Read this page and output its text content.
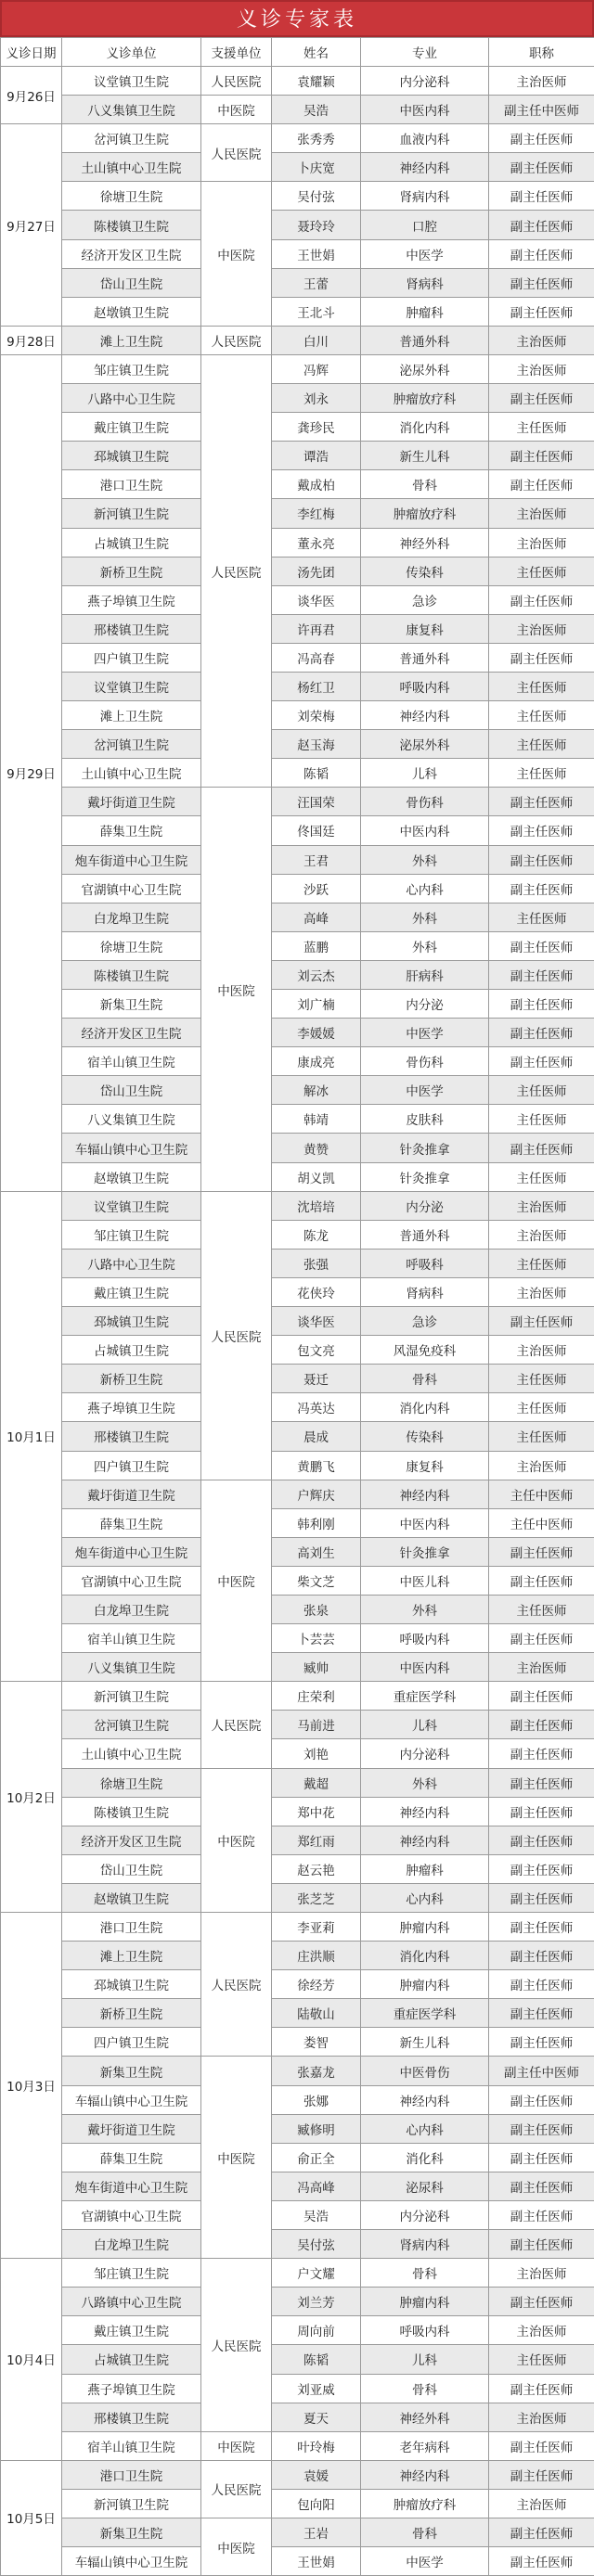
义诊专家表
义诊日期	义诊单位	支援单位	姓名	专业	职称
9月26日	议堂镇卫生院	人民医院	袁耀颖	内分泌科	主治医师
	八义集镇卫生院	中医院	吴浩	中医内科	副主任中医师
9月27日	岔河镇卫生院	人民医院	张秀秀	血液内科	副主任医师
	土山镇中心卫生院		卜庆宽	神经内科	副主任医师
	徐塘卫生院	中医院	吴付弦	肾病内科	副主任医师
	陈楼镇卫生院		聂玲玲	口腔	副主任医师
	经济开发区卫生院		王世娟	中医学	副主任医师
	岱山卫生院		王蕾	肾病科	副主任医师
	赵墩镇卫生院		王北斗	肿瘤科	副主任医师
9月28日	滩上卫生院	人民医院	白川	普通外科	主治医师
9月29日	邹庄镇卫生院	人民医院	冯辉	泌尿外科	主治医师
	八路中心卫生院		刘永	肿瘤放疗科	副主任医师
	戴庄镇卫生院		龚珍民	消化内科	主任医师
	邳城镇卫生院		谭浩	新生儿科	副主任医师
	港口卫生院		戴成柏	骨科	副主任医师
	新河镇卫生院		李红梅	肿瘤放疗科	主治医师
	占城镇卫生院		董永亮	神经外科	主治医师
	新桥卫生院		汤先团	传染科	主任医师
	燕子埠镇卫生院		谈华医	急诊	副主任医师
	邢楼镇卫生院		许再君	康复科	主治医师
	四户镇卫生院		冯高春	普通外科	副主任医师
	议堂镇卫生院		杨红卫	呼吸内科	主任医师
	滩上卫生院		刘荣梅	神经内科	主任医师
	岔河镇卫生院		赵玉海	泌尿外科	主任医师
	土山镇中心卫生院		陈韬	儿科	主任医师
	戴圩街道卫生院	中医院	汪国荣	骨伤科	副主任医师
	薛集卫生院		佟国廷	中医内科	副主任医师
	炮车街道中心卫生院		王君	外科	副主任医师
	官湖镇中心卫生院		沙跃	心内科	副主任医师
	白龙埠卫生院		高峰	外科	主任医师
	徐塘卫生院		蓝鹏	外科	副主任医师
	陈楼镇卫生院		刘云杰	肝病科	副主任医师
	新集卫生院		刘广楠	内分泌	副主任医师
	经济开发区卫生院		李媛媛	中医学	副主任医师
	宿羊山镇卫生院		康成亮	骨伤科	副主任医师
	岱山卫生院		解冰	中医学	主任医师
	八义集镇卫生院		韩靖	皮肤科	主任医师
	车辐山镇中心卫生院		黄赞	针灸推拿	副主任医师
	赵墩镇卫生院		胡义凯	针灸推拿	主任医师
10月1日	议堂镇卫生院	人民医院	沈培培	内分泌	主治医师
	邹庄镇卫生院		陈龙	普通外科	主治医师
	八路中心卫生院		张强	呼吸科	主任医师
	戴庄镇卫生院		花侠玲	肾病科	主治医师
	邳城镇卫生院		谈华医	急诊	副主任医师
	占城镇卫生院		包文亮	风湿免疫科	主治医师
	新桥卫生院		聂迁	骨科	主任医师
	燕子埠镇卫生院		冯英达	消化内科	主任医师
	邢楼镇卫生院		晨成	传染科	主任医师
	四户镇卫生院		黄鹏飞	康复科	主治医师
	戴圩街道卫生院	中医院	户辉庆	神经内科	主任中医师
	薛集卫生院		韩利刚	中医内科	主任中医师
	炮车街道中心卫生院		高刘生	针灸推拿	副主任医师
	官湖镇中心卫生院		柴文芝	中医儿科	副主任医师
	白龙埠卫生院		张泉	外科	主任医师
	宿羊山镇卫生院		卜芸芸	呼吸内科	副主任医师
	八义集镇卫生院		臧帅	中医内科	主治医师
10月2日	新河镇卫生院	人民医院	庄荣利	重症医学科	副主任医师
	岔河镇卫生院		马前进	儿科	副主任医师
	土山镇中心卫生院		刘艳	内分泌科	副主任医师
	徐塘卫生院	中医院	戴超	外科	副主任医师
	陈楼镇卫生院		郑中花	神经内科	副主任医师
	经济开发区卫生院		郑红雨	神经内科	副主任医师
	岱山卫生院		赵云艳	肿瘤科	副主任医师
	赵墩镇卫生院		张芝芝	心内科	副主任医师
10月3日	港口卫生院	人民医院	李亚莉	肿瘤内科	副主任医师
	滩上卫生院		庄洪顺	消化内科	副主任医师
	邳城镇卫生院		徐经芳	肿瘤内科	副主任医师
	新桥卫生院		陆敬山	重症医学科	副主任医师
	四户镇卫生院		娄智	新生儿科	副主任医师
	新集卫生院	中医院	张嘉龙	中医骨伤	副主任中医师
	车辐山镇中心卫生院		张娜	神经内科	副主任医师
	戴圩街道卫生院		臧修明	心内科	副主任医师
	薛集卫生院		俞正全	消化科	副主任医师
	炮车街道中心卫生院		冯高峰	泌尿科	副主任医师
	官湖镇中心卫生院		吴浩	内分泌科	副主任医师
	白龙埠卫生院		吴付弦	肾病内科	副主任医师
10月4日	邹庄镇卫生院	人民医院	户文耀	骨科	主治医师
	八路镇中心卫生院		刘兰芳	肿瘤内科	副主任医师
	戴庄镇卫生院		周向前	呼吸内科	主治医师
	占城镇卫生院		陈韬	儿科	主任医师
	燕子埠镇卫生院		刘亚威	骨科	副主任医师
	邢楼镇卫生院		夏天	神经外科	主治医师
	宿羊山镇卫生院	中医院	叶玲梅	老年病科	副主任医师
10月5日	港口卫生院	人民医院	袁媛	神经内科	副主任医师
	新河镇卫生院		包向阳	肿瘤放疗科	主治医师
	新集卫生院	中医院	王岩	骨科	副主任医师
	车辐山镇中心卫生院		王世娟	中医学	副主任医师
